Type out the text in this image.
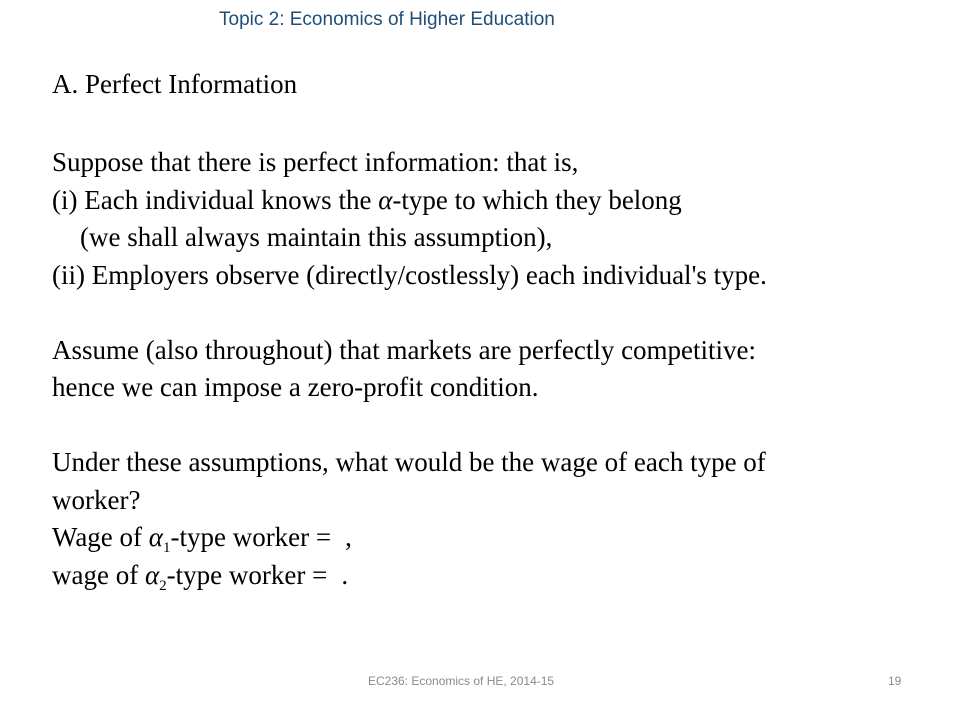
Topic 2: Economics of Higher Education
A. Perfect Information
Suppose that there is perfect information: that is,
(i) Each individual knows the α-type to which they belong
(we shall always maintain this assumption),
(ii) Employers observe (directly/costlessly) each individual's type.
Assume (also throughout) that markets are perfectly competitive:
hence we can impose a zero-profit condition.
Under these assumptions, what would be the wage of each type of
worker?
Wage of $\alpha_1$-type worker = ,
wage of $\alpha_2$-type worker = .
EC236: Economics of HE, 2014-15	19
